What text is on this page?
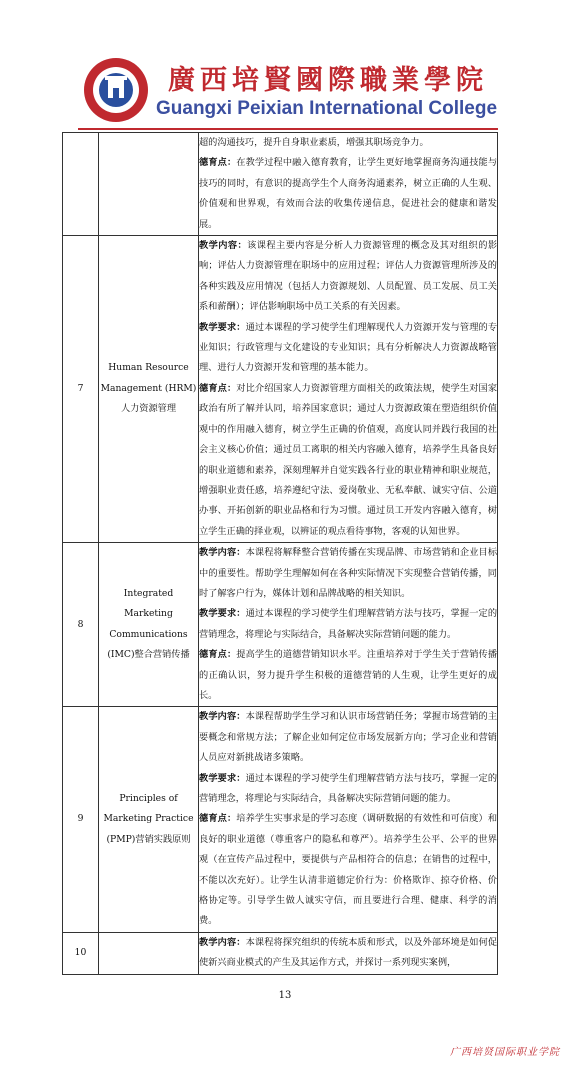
廣西培賢國際職業學院
Guangxi Peixian International College

		超的沟通技巧，提升自身职业素质，增强其职场竞争力。
德育点：在教学过程中融入德育教育，让学生更好地掌握商务沟通技能与技巧的同时，有意识的提高学生个人商务沟通素养，树立正确的人生观、价值观和世界观，有效而合法的收集传递信息，促进社会的健康和谐发展。

7	Human Resource Management (HRM) 人力资源管理	教学内容：该课程主要内容是分析人力资源管理的概念及其对组织的影响；评估人力资源管理在职场中的应用过程；评估人力资源管理所涉及的各种实践及应用情况（包括人力资源规划、人员配置、员工发展、员工关系和薪酬）；评估影响职场中员工关系的有关因素。
教学要求：通过本课程的学习使学生们理解现代人力资源开发与管理的专业知识；行政管理与文化建设的专业知识；具有分析解决人力资源战略管理、进行人力资源开发和管理的基本能力。
德育点：对比介绍国家人力资源管理方面相关的政策法规，使学生对国家政治有所了解并认同，培养国家意识；通过人力资源政策在塑造组织价值观中的作用融入德育，树立学生正确的价值观，高度认同并践行我国的社会主义核心价值；通过员工离职的相关内容融入德育，培养学生具备良好的职业道德和素养，深刻理解并自觉实践各行业的职业精神和职业规范，增强职业责任感，培养遵纪守法、爱岗敬业、无私奉献、诚实守信、公道办事、开拓创新的职业品格和行为习惯。通过员工开发内容融入德育，树立学生正确的择业观，以辨证的观点看待事物，客观的认知世界。

8	Integrated Marketing Communications (IMC)整合营销传播	教学内容：本课程将解释整合营销传播在实现品牌、市场营销和企业目标中的重要性。帮助学生理解如何在各种实际情况下实现整合营销传播，同时了解客户行为，媒体计划和品牌战略的相关知识。
教学要求：通过本课程的学习使学生们理解营销方法与技巧，掌握一定的营销理念，将理论与实际结合，具备解决实际营销问题的能力。
德育点：提高学生的道德营销知识水平。注重培养对于学生关于营销传播的正确认识，努力提升学生积极的道德营销的人生观，让学生更好的成长。

9	Principles of Marketing Practice (PMP)营销实践原则	教学内容：本课程帮助学生学习和认识市场营销任务；掌握市场营销的主要概念和常规方法；了解企业如何定位市场发展新方向；学习企业和营销人员应对新挑战诸多策略。
教学要求：通过本课程的学习使学生们理解营销方法与技巧，掌握一定的营销理念，将理论与实际结合，具备解决实际营销问题的能力。
德育点：培养学生实事求是的学习态度（调研数据的有效性和可信度）和良好的职业道德（尊重客户的隐私和尊严）。培养学生公平、公平的世界观（在宣传产品过程中，要提供与产品相符合的信息；在销售的过程中，不能以次充好）。让学生认清非道德定价行为：价格欺诈、掠夺价格、价格协定等。引导学生做人诚实守信，而且要进行合理、健康、科学的消费。

10		教学内容：本课程将探究组织的传统本质和形式，以及外部环境是如何促使新兴商业模式的产生及其运作方式，并探讨一系列现实案例，
13
广西培贤国际职业学院
